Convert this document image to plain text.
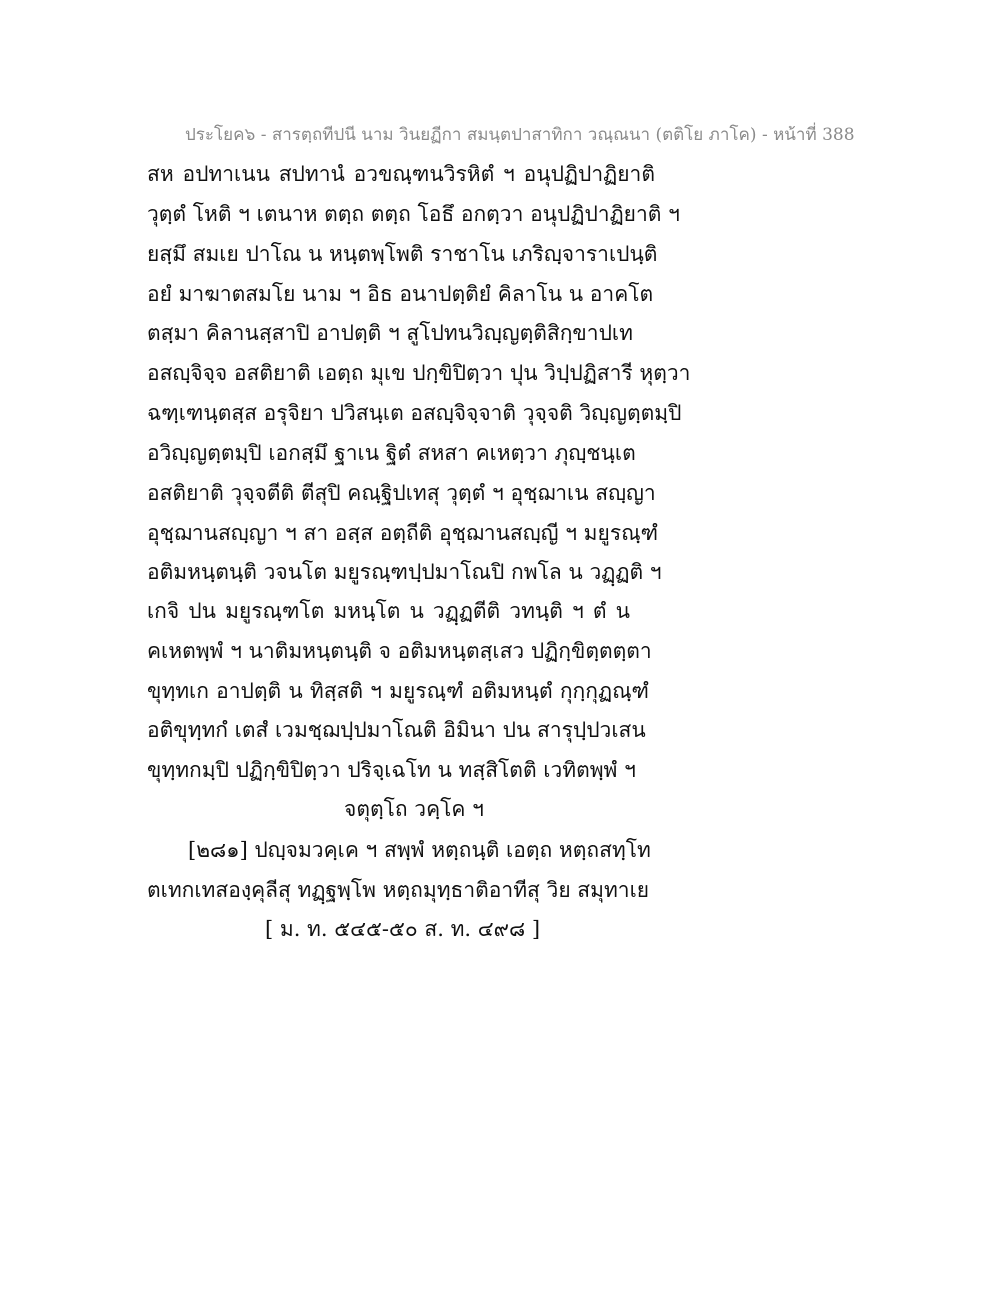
ประโยค๖ - สารตฺถทีปนี นาม วินยฏีกา สมนฺตปาสาทิกา วณฺณนา (ตติโย ภาโค) - หน้าที่ 388
สห อปทาเนน สปทานํ อวขณฺฑนวิรหิตํ ฯ อนุปฏิปาฏิยาติ
วุตฺตํ โหติ ฯ เตนาห ตตฺถ ตตฺถ โอธึ อกตฺวา อนุปฏิปาฏิยาติ ฯ
ยสฺมึ สมเย ปาโณ น หนฺตพฺโพติ ราชาโน เภริญฺจาราเปนฺติ
อยํ มาฆาตสมโย นาม ฯ อิธ อนาปตฺติยํ คิลาโน น อาคโต
ตสฺมา คิลานสฺสาปิ อาปตฺติ ฯ สูโปทนวิญฺญตฺติสิกฺขาปเท
อสญฺจิจฺจ อสติยาติ เอตฺถ มุเข ปกฺขิปิตฺวา ปุน วิปฺปฏิสารี หุตฺวา
ฉฑฺเฑนฺตสฺส อรุจิยา ปวิสนฺเต อสญฺจิจฺจาติ วุจฺจติ วิญฺญตฺตมฺปิ
อวิญฺญตฺตมฺปิ เอกสฺมึ ฐาเน ฐิตํ สหสา คเหตฺวา ภุญฺชนฺเต
อสติยาติ วุจฺจตีติ ตีสุปิ คณฺฐิปเทสุ วุตฺตํ ฯ อุชฺฌาเน สญฺญา
อุชฺฌานสญฺญา ฯ สา อสฺส อตฺถีติ อุชฺฌานสญฺญี ฯ มยูรณฺฑํ
อติมหนฺตนฺติ วจนโต มยูรณฺฑปฺปมาโณปิ กพโล น วฏฺฏติ ฯ
เกจิ ปน มยูรณฺฑโต มหนฺโต น วฏฺฏตีติ วทนฺติ ฯ ตํ น
คเหตพฺพํ ฯ นาติมหนฺตนฺติ จ อติมหนฺตสฺเสว ปฏิกฺขิตฺตตฺตา
ขุทฺทเก อาปตฺติ น ทิสฺสติ ฯ มยูรณฺฑํ อติมหนฺตํ กุกฺกุฏณฺฑํ
อติขุทฺทกํ เตสํ เวมชฺฌปฺปมาโณติ อิมินา ปน สารุปฺปวเสน
ขุทฺทกมฺปิ ปฏิกฺขิปิตฺวา ปริจฺเฉโท น ทสฺสิโตติ เวทิตพฺพํ ฯ
จตุตฺโถ วคฺโค ฯ
[๒๘๑] ปญฺจมวคฺเค ฯ สพฺพํ หตฺถนฺติ เอตฺถ หตฺถสทฺโท
ตเทกเทสองฺคุลีสุ ทฏฺฐพฺโพ หตฺถมุทฺธาติอาทีสุ วิย สมุทาเย
[ ม. ท. ๕๔๕-๕๐ ส. ท. ๔๙๘ ]
